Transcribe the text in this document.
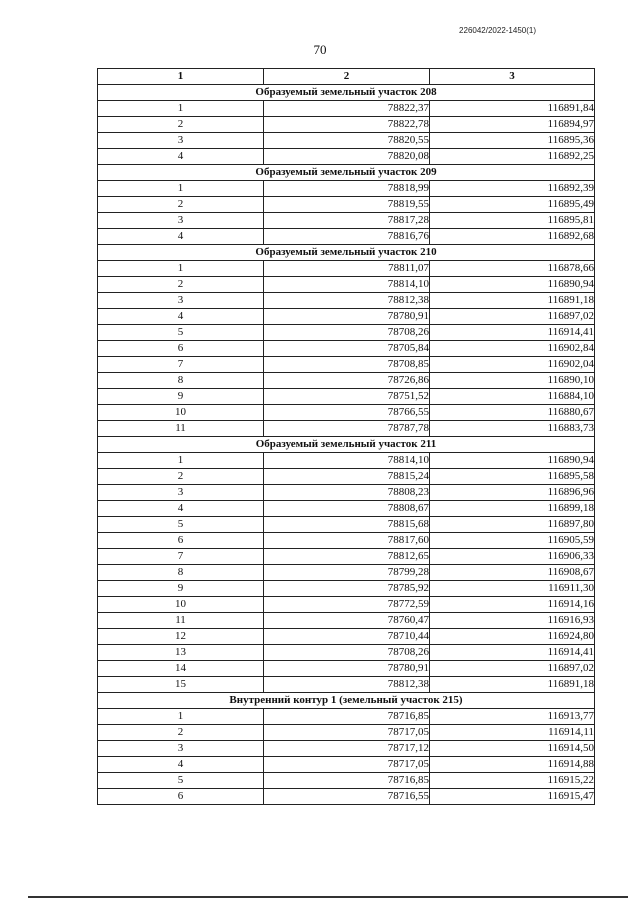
226042/2022-1450(1)
70
1	2	3
Образуемый земельный участок 208		
1	78822,37	116891,84
2	78822,78	116894,97
3	78820,55	116895,36
4	78820,08	116892,25
Образуемый земельный участок 209		
1	78818,99	116892,39
2	78819,55	116895,49
3	78817,28	116895,81
4	78816,76	116892,68
Образуемый земельный участок 210		
1	78811,07	116878,66
2	78814,10	116890,94
3	78812,38	116891,18
4	78780,91	116897,02
5	78708,26	116914,41
6	78705,84	116902,84
7	78708,85	116902,04
8	78726,86	116890,10
9	78751,52	116884,10
10	78766,55	116880,67
11	78787,78	116883,73
Образуемый земельный участок 211		
1	78814,10	116890,94
2	78815,24	116895,58
3	78808,23	116896,96
4	78808,67	116899,18
5	78815,68	116897,80
6	78817,60	116905,59
7	78812,65	116906,33
8	78799,28	116908,67
9	78785,92	116911,30
10	78772,59	116914,16
11	78760,47	116916,93
12	78710,44	116924,80
13	78708,26	116914,41
14	78780,91	116897,02
15	78812,38	116891,18
Внутренний контур 1 (земельный участок 215)		
1	78716,85	116913,77
2	78717,05	116914,11
3	78717,12	116914,50
4	78717,05	116914,88
5	78716,85	116915,22
6	78716,55	116915,47
